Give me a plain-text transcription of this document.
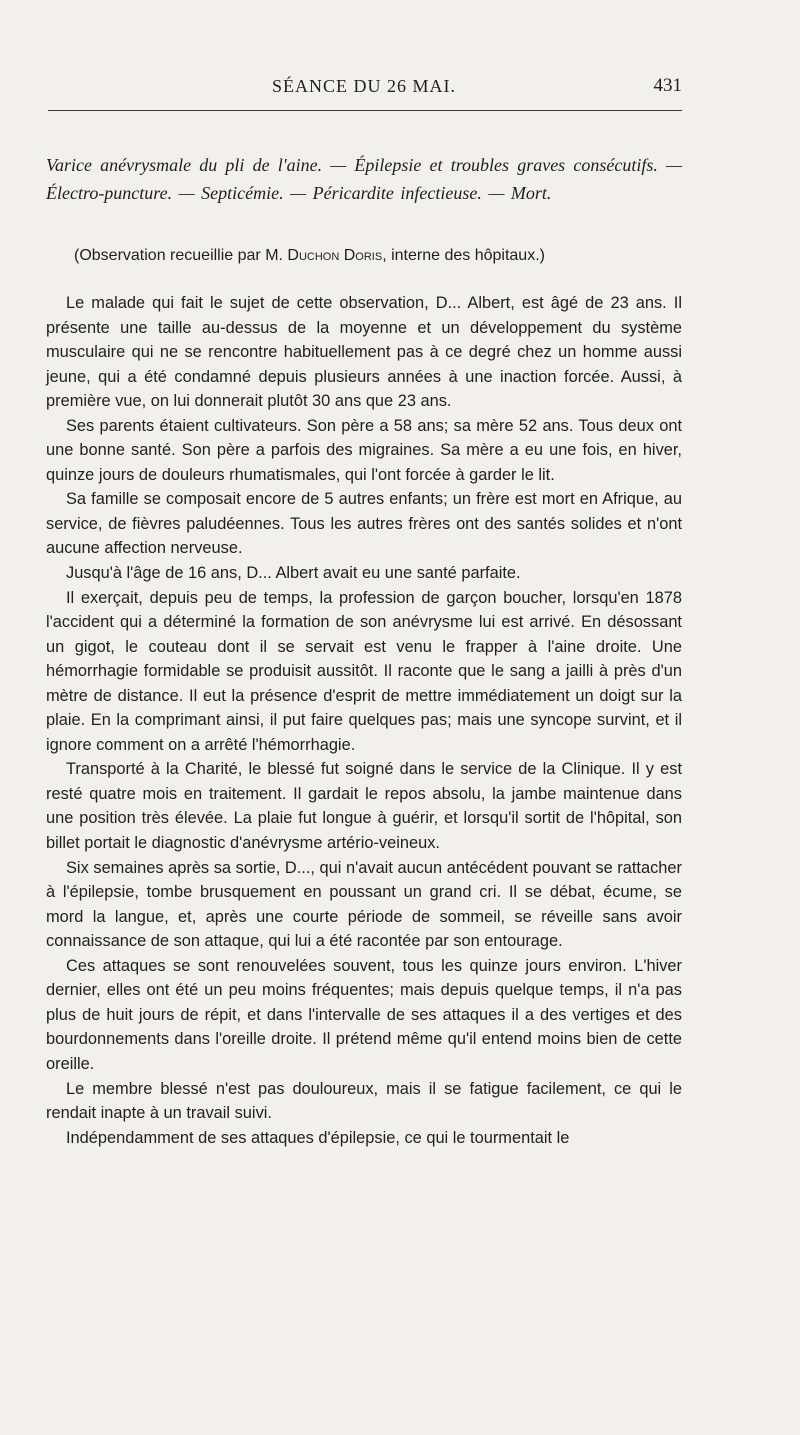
SÉANCE DU 26 MAI.	431
Varice anévrysmale du pli de l'aine. — Épilepsie et troubles graves consécutifs. — Électro-puncture. — Septicémie. — Péricardite infectieuse. — Mort.
(Observation recueillie par M. Duchon Doris, interne des hôpitaux.)

Le malade qui fait le sujet de cette observation, D... Albert, est âgé de 23 ans. Il présente une taille au-dessus de la moyenne et un développement du système musculaire qui ne se rencontre habituellement pas à ce degré chez un homme aussi jeune, qui a été condamné depuis plusieurs années à une inaction forcée. Aussi, à première vue, on lui donnerait plutôt 30 ans que 23 ans.

Ses parents étaient cultivateurs. Son père a 58 ans; sa mère 52 ans. Tous deux ont une bonne santé. Son père a parfois des migraines. Sa mère a eu une fois, en hiver, quinze jours de douleurs rhumatismales, qui l'ont forcée à garder le lit.

Sa famille se composait encore de 5 autres enfants; un frère est mort en Afrique, au service, de fièvres paludéennes. Tous les autres frères ont des santés solides et n'ont aucune affection nerveuse.

Jusqu'à l'âge de 16 ans, D... Albert avait eu une santé parfaite.

Il exerçait, depuis peu de temps, la profession de garçon boucher, lorsqu'en 1878 l'accident qui a déterminé la formation de son anévrysme lui est arrivé. En désossant un gigot, le couteau dont il se servait est venu le frapper à l'aine droite. Une hémorrhagie formidable se produisit aussitôt. Il raconte que le sang a jailli à près d'un mètre de distance. Il eut la présence d'esprit de mettre immédiatement un doigt sur la plaie. En la comprimant ainsi, il put faire quelques pas; mais une syncope survint, et il ignore comment on a arrêté l'hémorrhagie.

Transporté à la Charité, le blessé fut soigné dans le service de la Clinique. Il y est resté quatre mois en traitement. Il gardait le repos absolu, la jambe maintenue dans une position très élevée. La plaie fut longue à guérir, et lorsqu'il sortit de l'hôpital, son billet portait le diagnostic d'anévrysme artério-veineux.

Six semaines après sa sortie, D..., qui n'avait aucun antécédent pouvant se rattacher à l'épilepsie, tombe brusquement en poussant un grand cri. Il se débat, écume, se mord la langue, et, après une courte période de sommeil, se réveille sans avoir connaissance de son attaque, qui lui a été racontée par son entourage.

Ces attaques se sont renouvelées souvent, tous les quinze jours environ. L'hiver dernier, elles ont été un peu moins fréquentes; mais depuis quelque temps, il n'a pas plus de huit jours de répit, et dans l'intervalle de ses attaques il a des vertiges et des bourdonnements dans l'oreille droite. Il prétend même qu'il entend moins bien de cette oreille.

Le membre blessé n'est pas douloureux, mais il se fatigue facilement, ce qui le rendait inapte à un travail suivi.

Indépendamment de ses attaques d'épilepsie, ce qui le tourmentait le
